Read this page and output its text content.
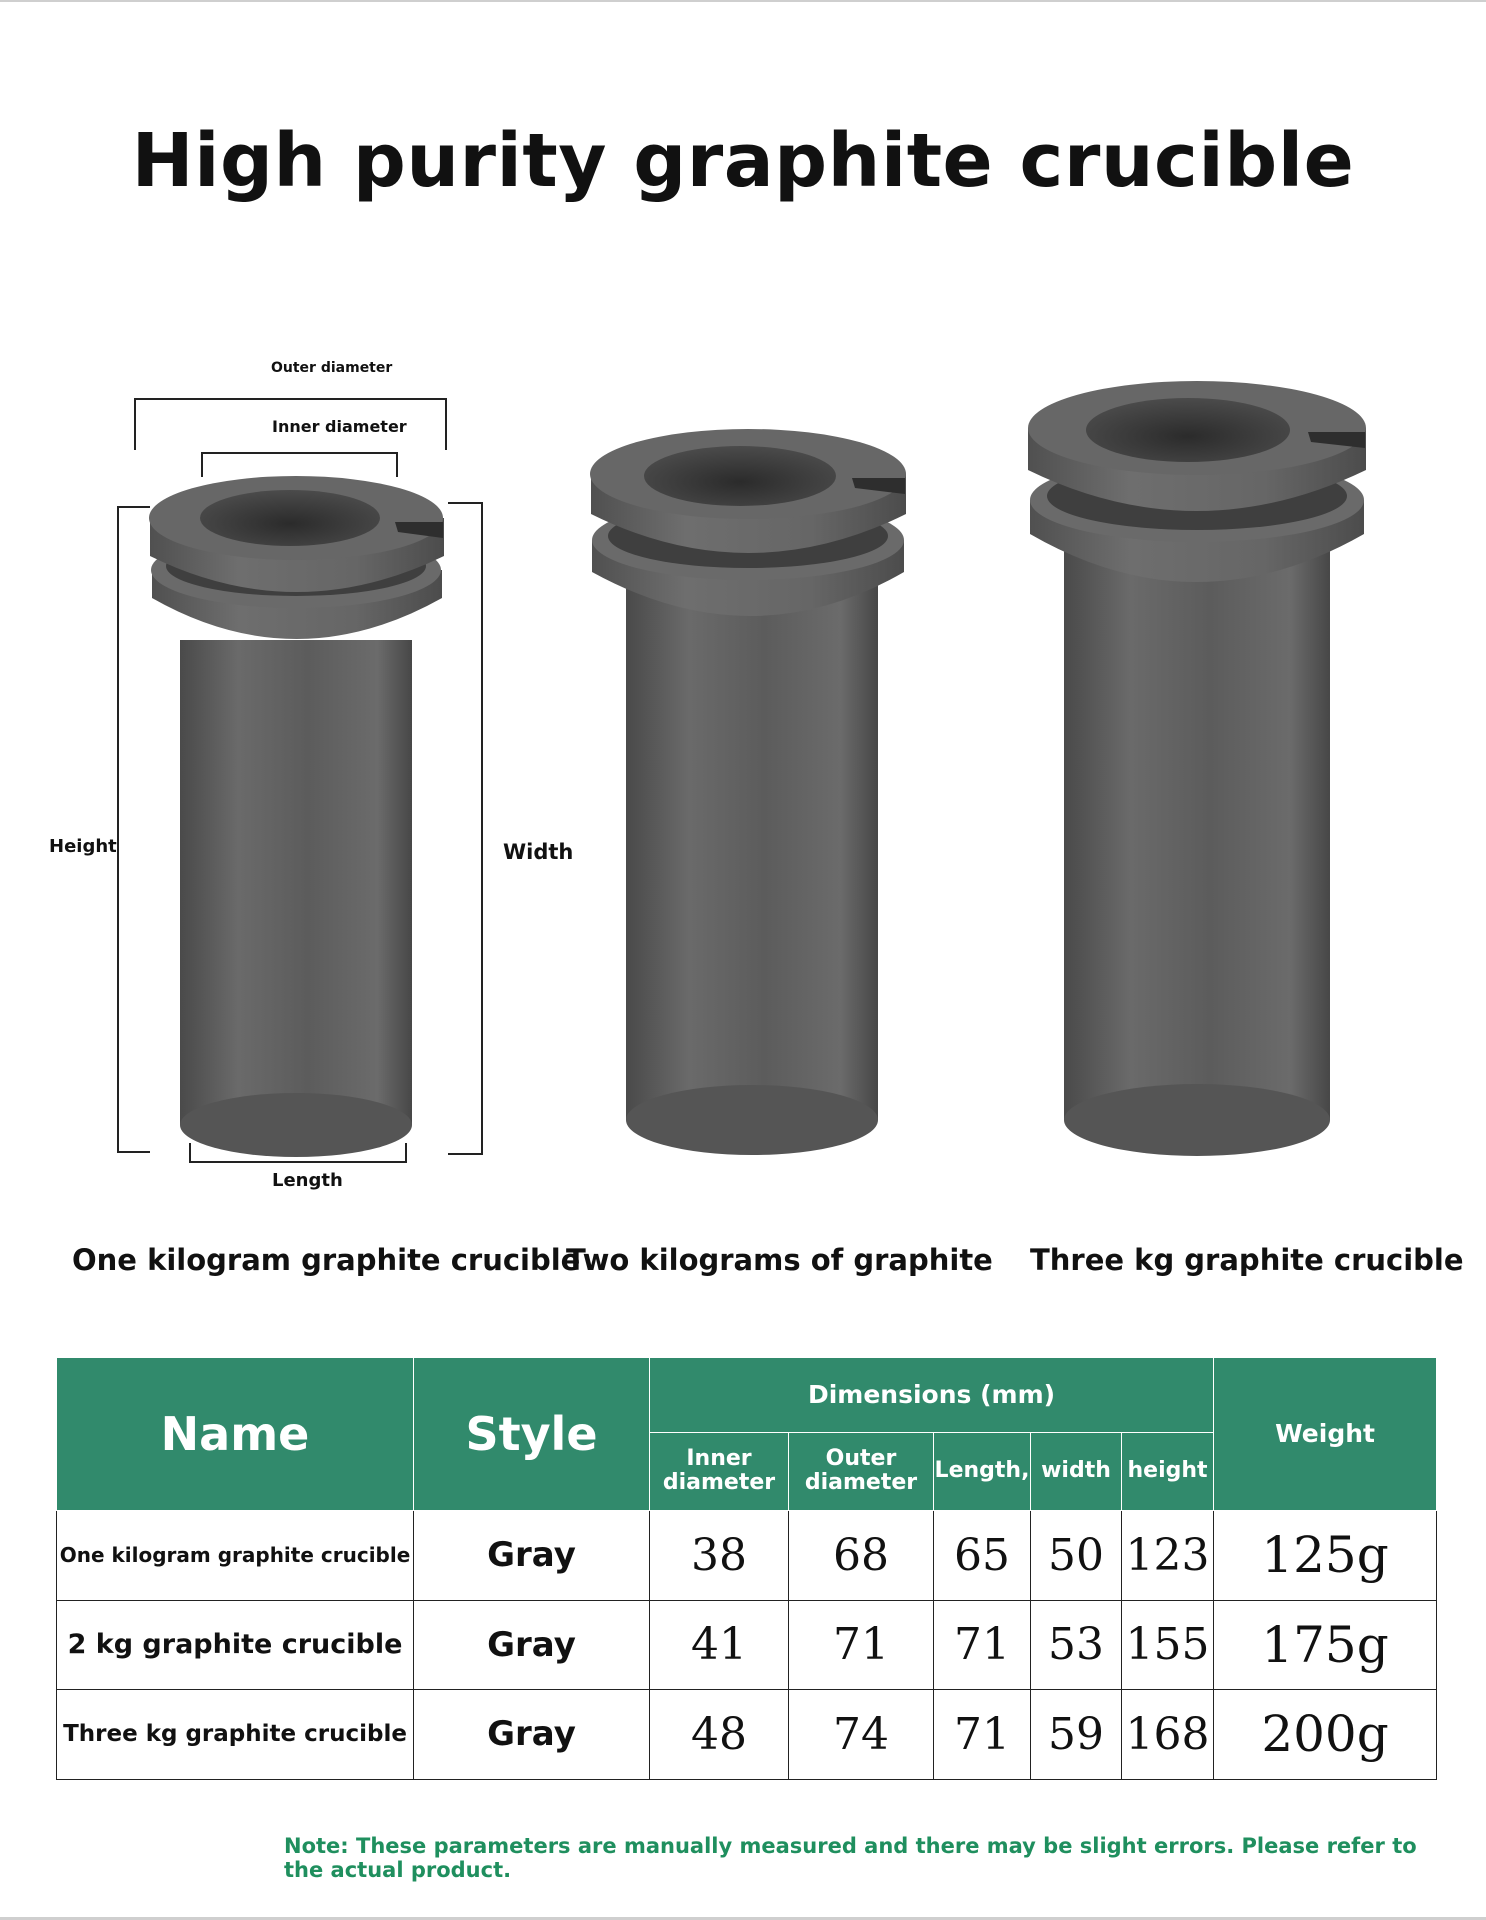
High purity graphite crucible
Outer diameter
Inner diameter
Height	Width
Length
One kilogram graphite crucible
Two kilograms of graphite Three kg graphite crucible
Name	Style	Dimensions (mm)					Weight
		Inner diameter	Outer diameter	Length,	width	height	
One kilogram graphite crucible	Gray	38	68	65	50	123	125g
2 kg graphite crucible	Gray	41	71	71	53	155	175g
Three kg graphite crucible	Gray	48	74	71	59	168	200g
Note: These parameters are manually measured and there may be slight errors. Please refer to the actual product.
